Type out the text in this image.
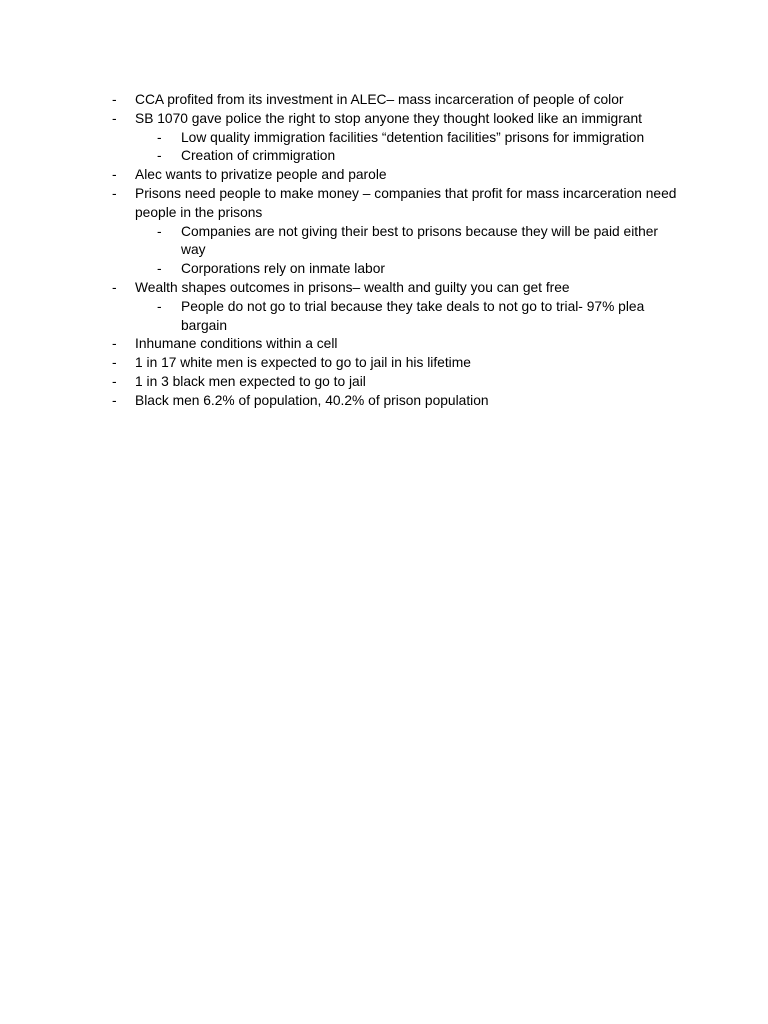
-	CCA profited from its investment in ALEC– mass incarceration of people of color
-	SB 1070 gave police the right to stop anyone they thought looked like an immigrant
-	Low quality immigration facilities “detention facilities” prisons for immigration
-	Creation of crimmigration
-	Alec wants to privatize people and parole
-	Prisons need people to make money – companies that profit for mass incarceration need people in the prisons
-	Companies are not giving their best to prisons because they will be paid either way
-	Corporations rely on inmate labor
-	Wealth shapes outcomes in prisons– wealth and guilty you can get free
-	People do not go to trial because they take deals to not go to trial- 97% plea bargain
-	Inhumane conditions within a cell
-	1 in 17 white men is expected to go to jail in his lifetime
-	1 in 3 black men expected to go to jail
-	Black men 6.2% of population, 40.2% of prison population
